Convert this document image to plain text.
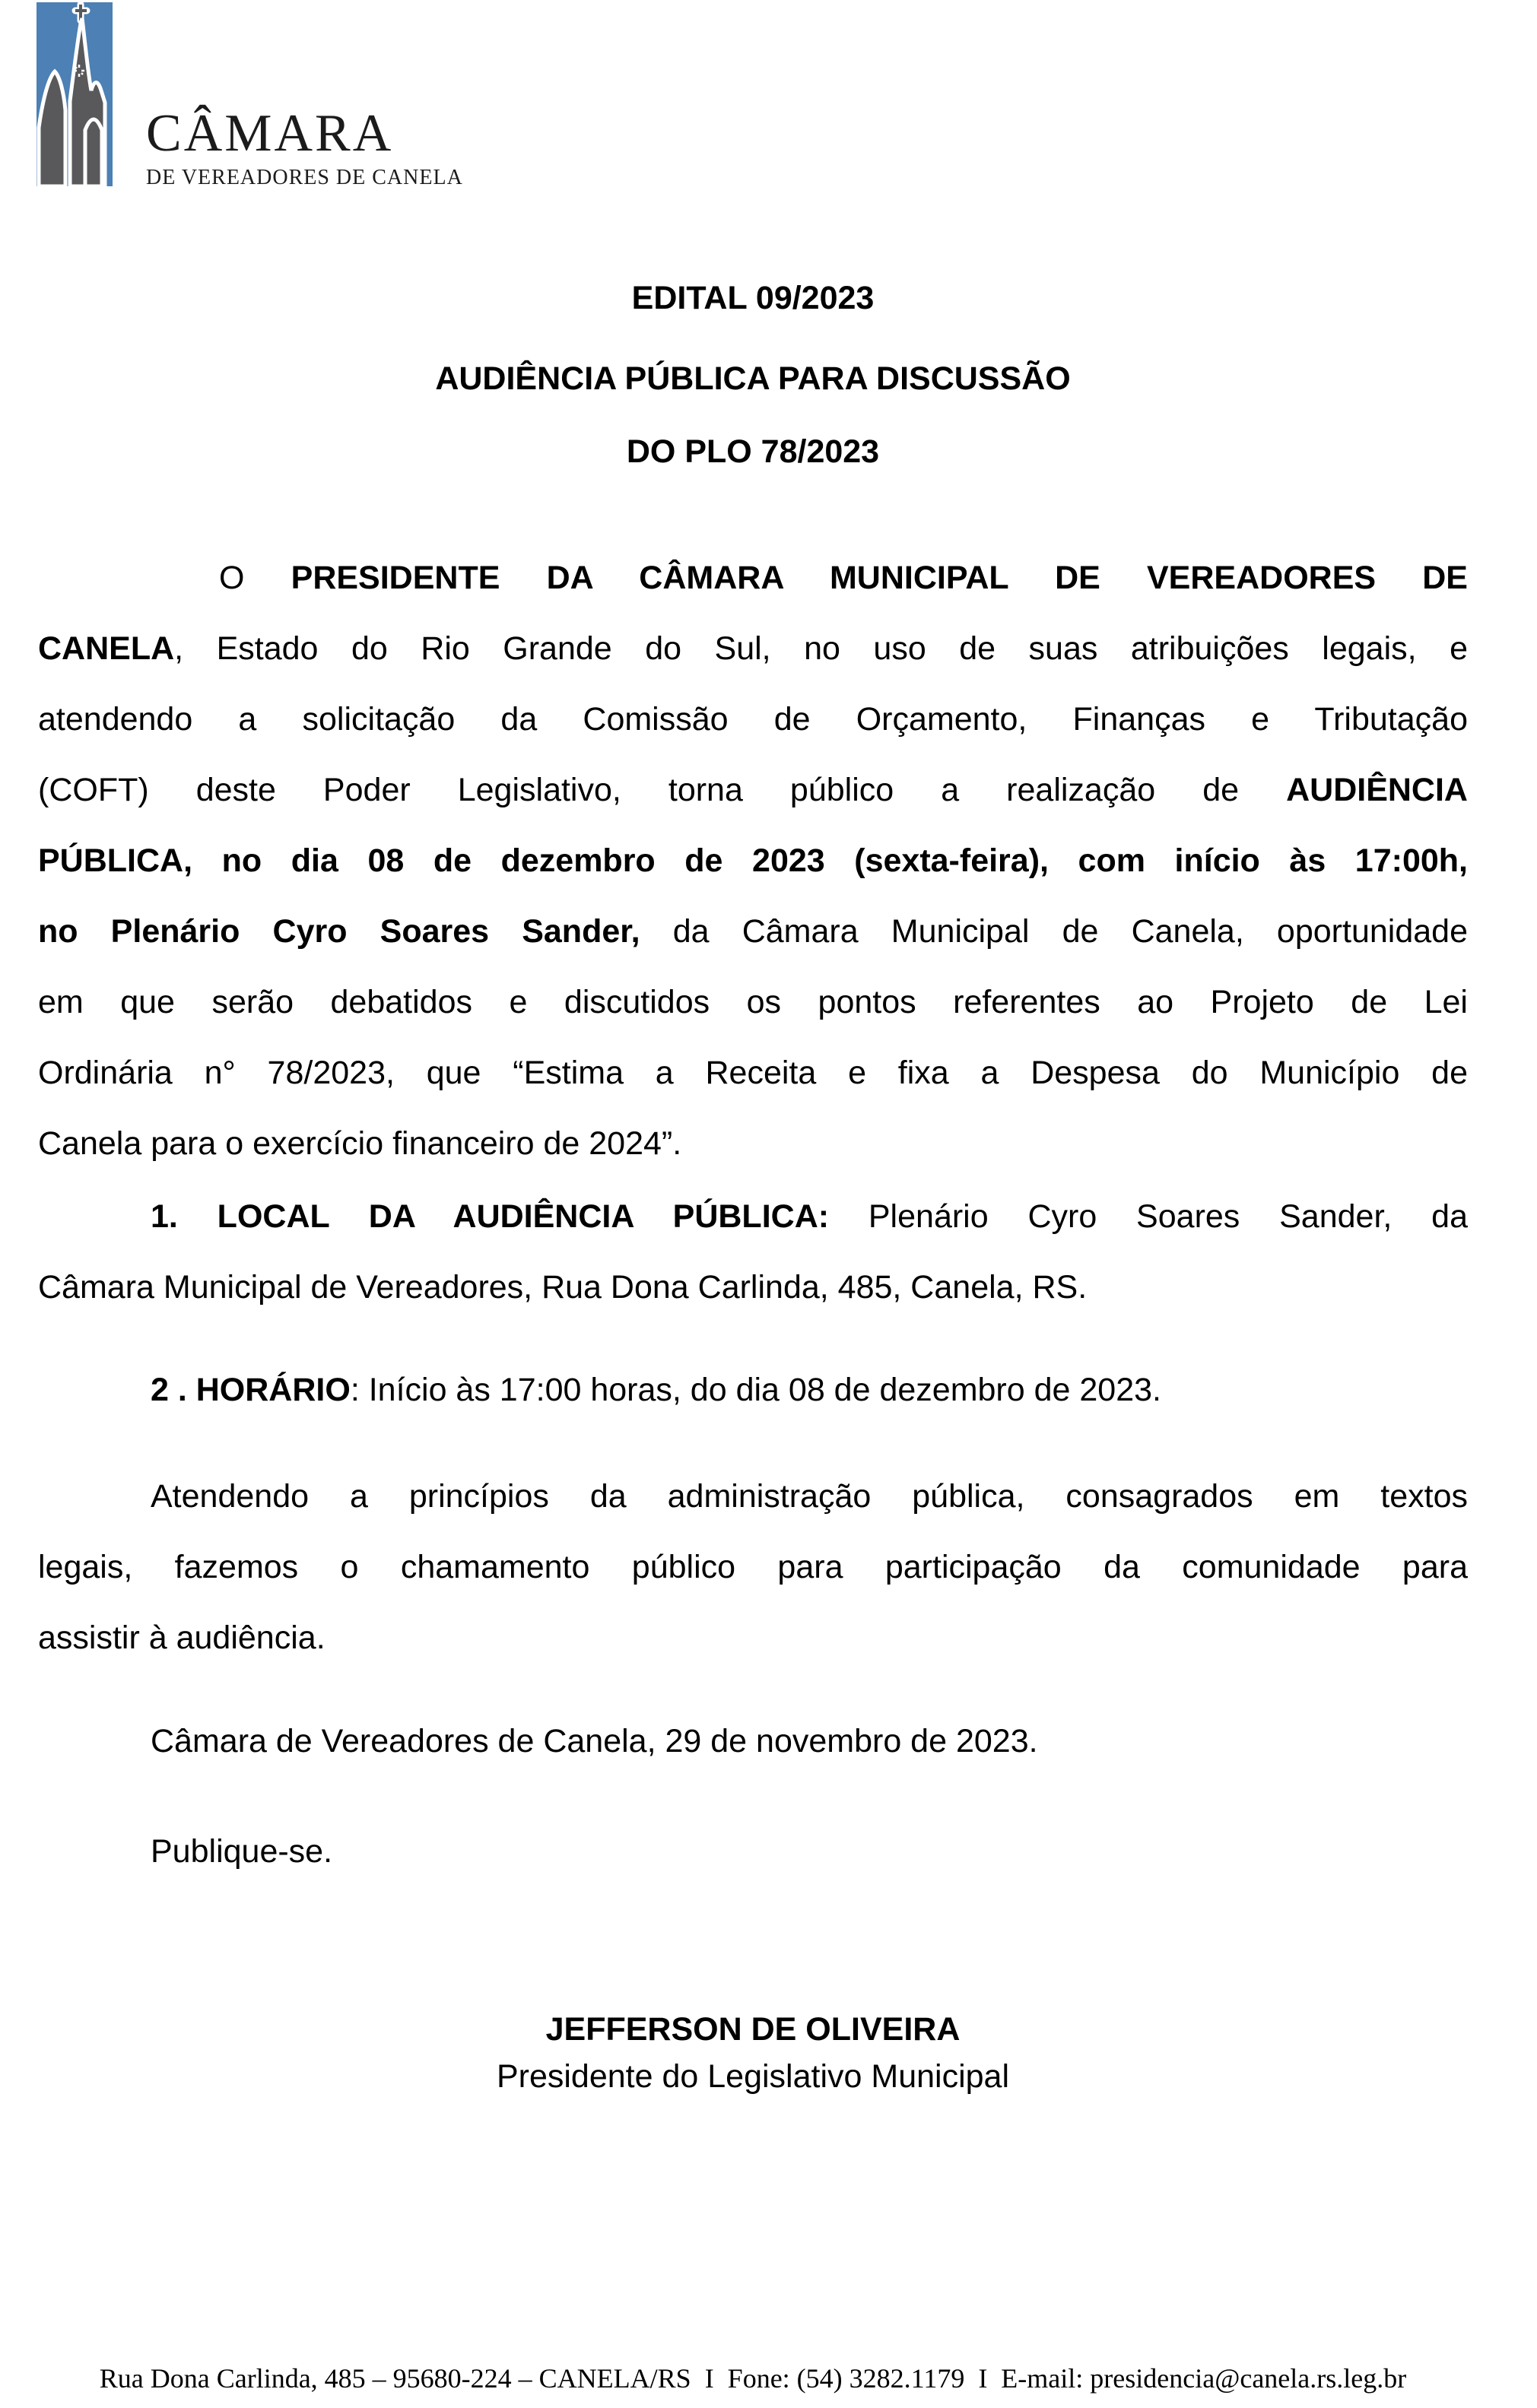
CÂMARA
DE VEREADORES DE CANELA
EDITAL 09/2023
AUDIÊNCIA PÚBLICA PARA DISCUSSÃO
DO PLO 78/2023
O PRESIDENTE DA CÂMARA MUNICIPAL DE VEREADORES DE
CANELA, Estado do Rio Grande do Sul, no uso de suas atribuições legais, e
atendendo a solicitação da Comissão de Orçamento, Finanças e Tributação
(COFT) deste Poder Legislativo, torna público a realização de AUDIÊNCIA
PÚBLICA, no dia 08 de dezembro de 2023 (sexta-feira), com início às 17:00h,
no Plenário Cyro Soares Sander, da Câmara Municipal de Canela, oportunidade
em que serão debatidos e discutidos os pontos referentes ao Projeto de Lei
Ordinária n° 78/2023, que “Estima a Receita e fixa a Despesa do Município de
Canela para o exercício financeiro de 2024”.
1. LOCAL DA AUDIÊNCIA PÚBLICA: Plenário Cyro Soares Sander, da
Câmara Municipal de Vereadores, Rua Dona Carlinda, 485, Canela, RS.
2 . HORÁRIO: Início às 17:00 horas, do dia 08 de dezembro de 2023.
Atendendo a princípios da administração pública, consagrados em textos
legais, fazemos o chamamento público para participação da comunidade para
assistir à audiência.
Câmara de Vereadores de Canela, 29 de novembro de 2023.
Publique-se.
JEFFERSON DE OLIVEIRA
Presidente do Legislativo Municipal
Rua Dona Carlinda, 485 – 95680-224 – CANELA/RS  I  Fone: (54) 3282.1179  I  E-mail: presidencia@canela.rs.leg.br
